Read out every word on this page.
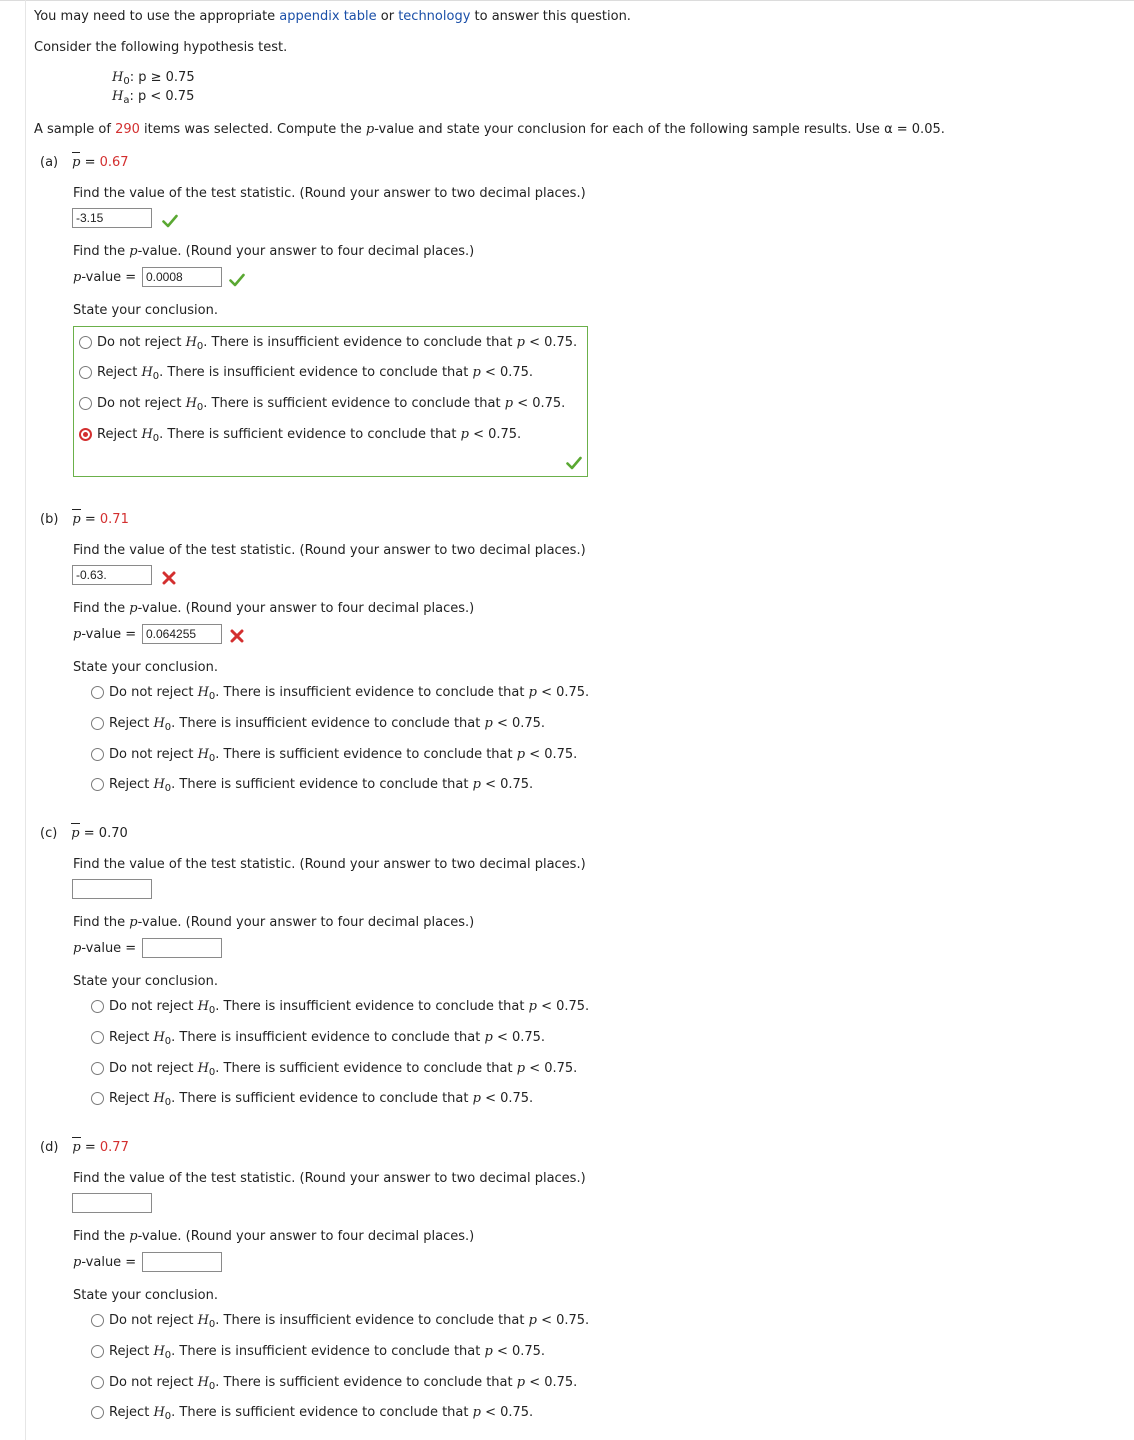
You may need to use the appropriate appendix table or technology to answer this question.
Consider the following hypothesis test.
$H_0$: p ≥ 0.75
$H_a$: p < 0.75
A sample of 290 items was selected. Compute the p-value and state your conclusion for each of the following sample results. Use α = 0.05.
(a) p = 0.67
Find the value of the test statistic. (Round your answer to two decimal places.)
-3.15
Find the p-value. (Round your answer to four decimal places.)
p-value = 0.0008
State your conclusion.
Do not reject $H_0$. There is insufficient evidence to conclude that p < 0.75.
Reject $H_0$. There is insufficient evidence to conclude that p < 0.75.
Do not reject $H_0$. There is sufficient evidence to conclude that p < 0.75.
Reject $H_0$. There is sufficient evidence to conclude that p < 0.75.
(b) p = 0.71
Find the value of the test statistic. (Round your answer to two decimal places.)
-0.63.
Find the p-value. (Round your answer to four decimal places.)
p-value = 0.064255
State your conclusion.
Do not reject $H_0$. There is insufficient evidence to conclude that p < 0.75.
Reject $H_0$. There is insufficient evidence to conclude that p < 0.75.
Do not reject $H_0$. There is sufficient evidence to conclude that p < 0.75.
Reject $H_0$. There is sufficient evidence to conclude that p < 0.75.
(c) p = 0.70
Find the value of the test statistic. (Round your answer to two decimal places.)
Find the p-value. (Round your answer to four decimal places.)
p-value =
State your conclusion.
Do not reject $H_0$. There is insufficient evidence to conclude that p < 0.75.
Reject $H_0$. There is insufficient evidence to conclude that p < 0.75.
Do not reject $H_0$. There is sufficient evidence to conclude that p < 0.75.
Reject $H_0$. There is sufficient evidence to conclude that p < 0.75.
(d) p = 0.77
Find the value of the test statistic. (Round your answer to two decimal places.)
Find the p-value. (Round your answer to four decimal places.)
p-value =
State your conclusion.
Do not reject $H_0$. There is insufficient evidence to conclude that p < 0.75.
Reject $H_0$. There is insufficient evidence to conclude that p < 0.75.
Do not reject $H_0$. There is sufficient evidence to conclude that p < 0.75.
Reject $H_0$. There is sufficient evidence to conclude that p < 0.75.
